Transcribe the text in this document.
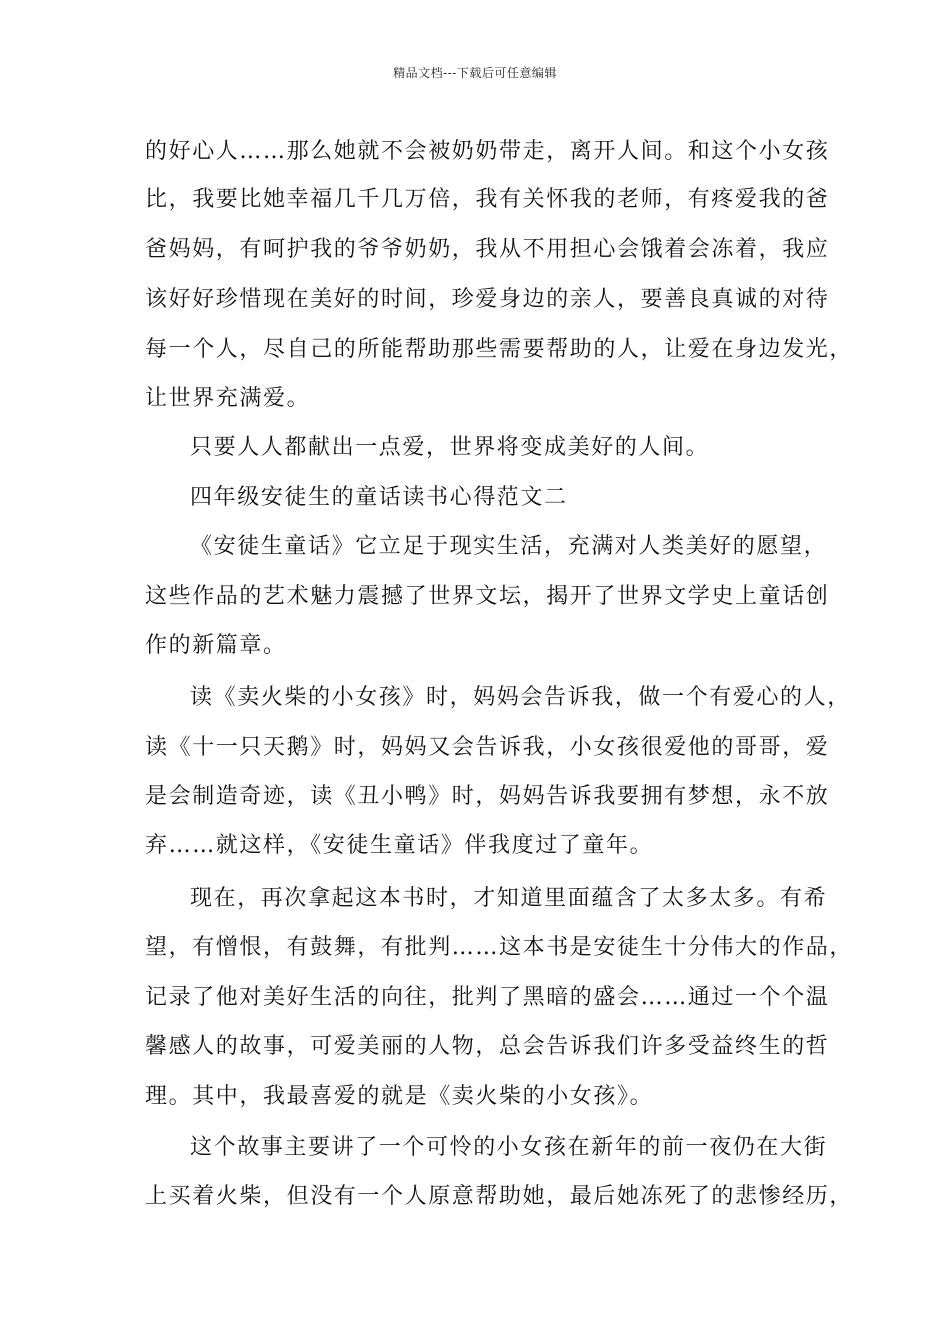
精品文档---下载后可任意编辑
的好心人……那么她就不会被奶奶带走，离开人间。和这个小女孩
比，我要比她幸福几千几万倍，我有关怀我的老师，有疼爱我的爸
爸妈妈，有呵护我的爷爷奶奶，我从不用担心会饿着会冻着，我应
该好好珍惜现在美好的时间，珍爱身边的亲人，要善良真诚的对待
每一个人，尽自己的所能帮助那些需要帮助的人，让爱在身边发光，
让世界充满爱。
只要人人都献出一点爱，世界将变成美好的人间。
四年级安徒生的童话读书心得范文二
《安徒生童话》它立足于现实生活，充满对人类美好的愿望，
这些作品的艺术魅力震撼了世界文坛，揭开了世界文学史上童话创
作的新篇章。
读《卖火柴的小女孩》时，妈妈会告诉我，做一个有爱心的人，
读《十一只天鹅》时，妈妈又会告诉我，小女孩很爱他的哥哥，爱
是会制造奇迹，读《丑小鸭》时，妈妈告诉我要拥有梦想，永不放
弃……就这样，《安徒生童话》伴我度过了童年。
现在，再次拿起这本书时，才知道里面蕴含了太多太多。有希
望，有憎恨，有鼓舞，有批判……这本书是安徒生十分伟大的作品，
记录了他对美好生活的向往，批判了黑暗的盛会……通过一个个温
馨感人的故事，可爱美丽的人物，总会告诉我们许多受益终生的哲
理。其中，我最喜爱的就是《卖火柴的小女孩》。
这个故事主要讲了一个可怜的小女孩在新年的前一夜仍在大街
上买着火柴，但没有一个人原意帮助她，最后她冻死了的悲惨经历，
